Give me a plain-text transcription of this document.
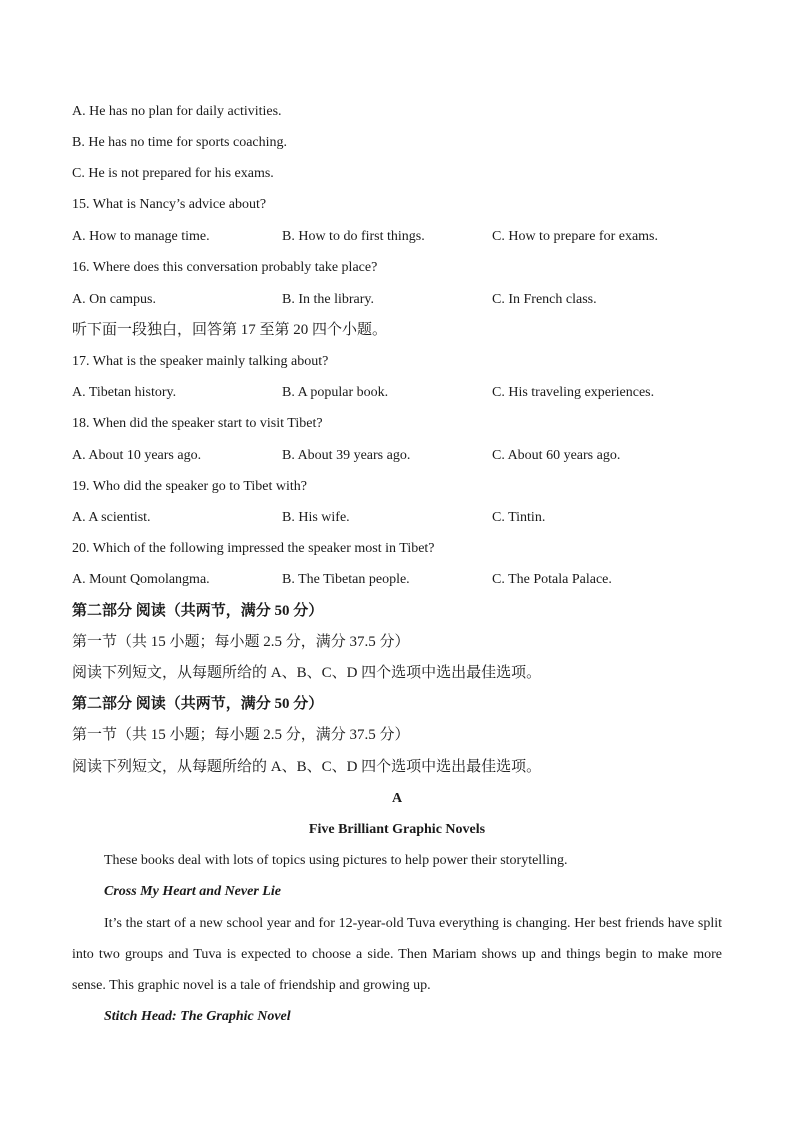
A. He has no plan for daily activities.
B. He has no time for sports coaching.
C. He is not prepared for his exams.
15. What is Nancy’s advice about?
A. How to manage time.	B. How to do first things.	C. How to prepare for exams.
16. Where does this conversation probably take place?
A. On campus.	B. In the library.	C. In French class.
听下面一段独白，回答第 17 至第 20 四个小题。
17. What is the speaker mainly talking about?
A. Tibetan history.	B. A popular book.	C. His traveling experiences.
18. When did the speaker start to visit Tibet?
A. About 10 years ago.	B. About 39 years ago.	C. About 60 years ago.
19. Who did the speaker go to Tibet with?
A. A scientist.	B. His wife.	C. Tintin.
20. Which of the following impressed the speaker most in Tibet?
A. Mount Qomolangma.	B. The Tibetan people.	C. The Potala Palace.
第二部分 阅读（共两节，满分 50 分）
第一节（共 15 小题；每小题 2.5 分，满分 37.5 分）
阅读下列短文，从每题所给的 A、B、C、D 四个选项中选出最佳选项。
第二部分 阅读（共两节，满分 50 分）
第一节（共 15 小题；每小题 2.5 分，满分 37.5 分）
阅读下列短文，从每题所给的 A、B、C、D 四个选项中选出最佳选项。
A
Five Brilliant Graphic Novels
These books deal with lots of topics using pictures to help power their storytelling.
Cross My Heart and Never Lie
It’s the start of a new school year and for 12-year-old Tuva everything is changing. Her best friends have split into two groups and Tuva is expected to choose a side. Then Mariam shows up and things begin to make more sense. This graphic novel is a tale of friendship and growing up.
Stitch Head: The Graphic Novel
